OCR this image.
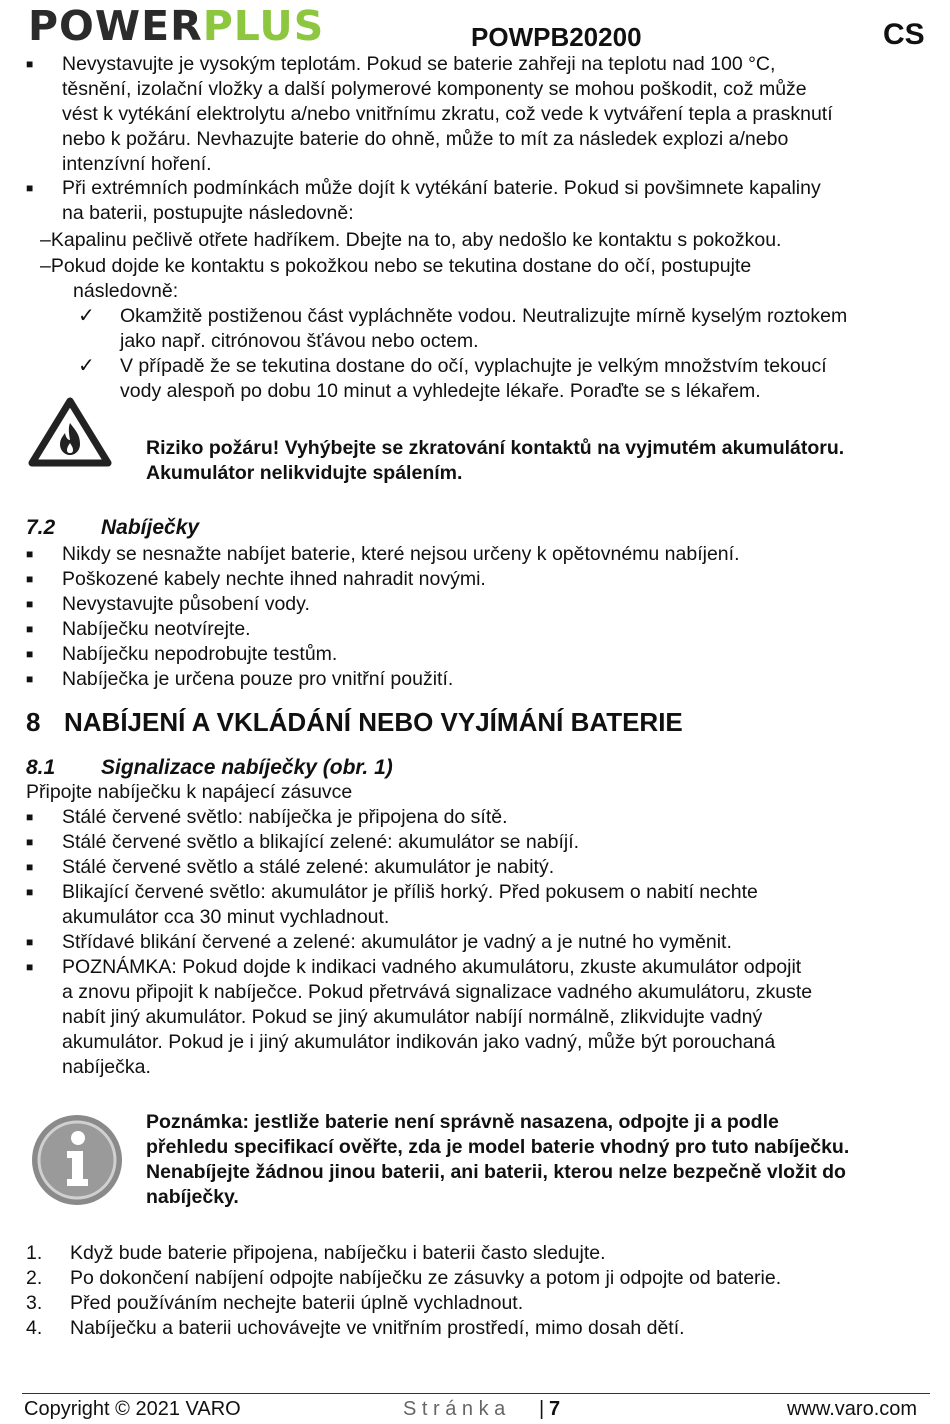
POWERPLUS	POWPB20200	CS
■ Nevystavujte je vysokým teplotám. Pokud se baterie zahřeji na teplotu nad 100 °C,
těsnění, izolační vložky a další polymerové komponenty se mohou poškodit, což může
vést k vytékání elektrolytu a/nebo vnitřnímu zkratu, což vede k vytváření tepla a prasknutí
nebo k požáru. Nevhazujte baterie do ohně, může to mít za následek explozi a/nebo
intenzívní hoření.
■ Při extrémních podmínkách může dojít k vytékání baterie. Pokud si povšimnete kapaliny
na baterii, postupujte následovně:
–Kapalinu pečlivě otřete hadříkem. Dbejte na to, aby nedošlo ke kontaktu s pokožkou.
–Pokud dojde ke kontaktu s pokožkou nebo se tekutina dostane do očí, postupujte
následovně:
✓ Okamžitě postiženou část vypláchněte vodou. Neutralizujte mírně kyselým roztokem
jako např. citrónovou šťávou nebo octem.
✓ V případě že se tekutina dostane do očí, vyplachujte je velkým množstvím tekoucí
vody alespoň po dobu 10 minut a vyhledejte lékaře. Poraďte se s lékařem.
Riziko požáru! Vyhýbejte se zkratování kontaktů na vyjmutém akumulátoru.
Akumulátor nelikvidujte spálením.
7.2 Nabíječky
■ Nikdy se nesnažte nabíjet baterie, které nejsou určeny k opětovnému nabíjení.
■ Poškozené kabely nechte ihned nahradit novými.
■ Nevystavujte působení vody.
■ Nabíječku neotvírejte.
■ Nabíječku nepodrobujte testům.
■ Nabíječka je určena pouze pro vnitřní použití.
8 NABÍJENÍ A VKLÁDÁNÍ NEBO VYJÍMÁNÍ BATERIE
8.1 Signalizace nabíječky (obr. 1)
Připojte nabíječku k napájecí zásuvce
■ Stálé červené světlo: nabíječka je připojena do sítě.
■ Stálé červené světlo a blikající zelené: akumulátor se nabíjí.
■ Stálé červené světlo a stálé zelené: akumulátor je nabitý.
■ Blikající červené světlo: akumulátor je příliš horký. Před pokusem o nabití nechte
akumulátor cca 30 minut vychladnout.
■ Střídavé blikání červené a zelené: akumulátor je vadný a je nutné ho vyměnit.
■ POZNÁMKA: Pokud dojde k indikaci vadného akumulátoru, zkuste akumulátor odpojit
a znovu připojit k nabíječce. Pokud přetrvává signalizace vadného akumulátoru, zkuste
nabít jiný akumulátor. Pokud se jiný akumulátor nabíjí normálně, zlikvidujte vadný
akumulátor. Pokud je i jiný akumulátor indikován jako vadný, může být porouchaná
nabíječka.
Poznámka: jestliže baterie není správně nasazena, odpojte ji a podle
přehledu specifikací ověřte, zda je model baterie vhodný pro tuto nabíječku.
Nenabíjejte žádnou jinou baterii, ani baterii, kterou nelze bezpečně vložit do
nabíječky.
1. Když bude baterie připojena, nabíječku i baterii často sledujte.
2. Po dokončení nabíjení odpojte nabíječku ze zásuvky a potom ji odpojte od baterie.
3. Před používáním nechejte baterii úplně vychladnout.
4. Nabíječku a baterii uchovávejte ve vnitřním prostředí, mimo dosah dětí.
Copyright © 2021 VARO	S t r á n k a | 7	www.varo.com
